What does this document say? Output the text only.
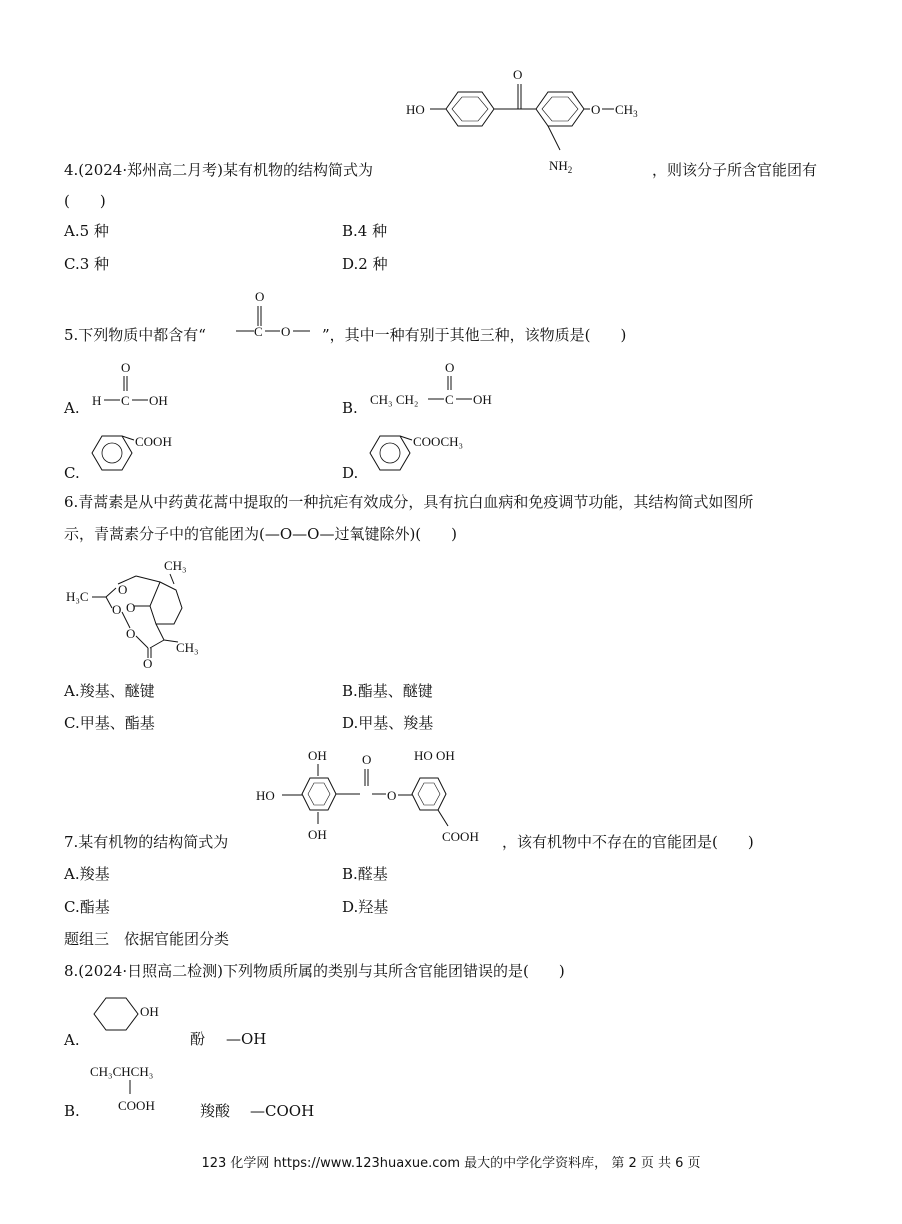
HO
O
O $CH_3$
$NH_2$
4.(2024·郑州高二月考)某有机物的结构简式为	，则该分子所含官能团有
(　　)
A.5 种	B.4 种
C.3 种	D.2 种
5.下列物质中都含有“
O
C O ”，其中一种有别于其他三种，该物质是(　　)
A. H C
O
OH	B. CH₃ CH₂ C
O
OH
C.
COOH
D.
COOCH₃
6.青蒿素是从中药黄花蒿中提取的一种抗疟有效成分，具有抗白血病和免疫调节功能，其结构简式如图所
示，青蒿素分子中的官能团为(—O—O—过氧键除外)(　　)
CH₃
H₃C O
O O
O
CH₃
O
A.羧基、醚键	B.酯基、醚键
C.甲基、酯基	D.甲基、羧基
OH
HO
OH
O
O
HO OH
COOH
7.某有机物的结构简式为	，该有机物中不存在的官能团是(　　)
A.羧基	B.醛基
C.酯基	D.羟基
题组三　依据官能团分类
8.(2024·日照高二检测)下列物质所属的类别与其所含官能团错误的是(　　)
A.
OH
酚 —OH
B.
CH₃CHCH₃
COOH	羧酸 —COOH
123 化学网 https://www.123huaxue.com 最大的中学化学资料库， 第 2 页 共 6 页
